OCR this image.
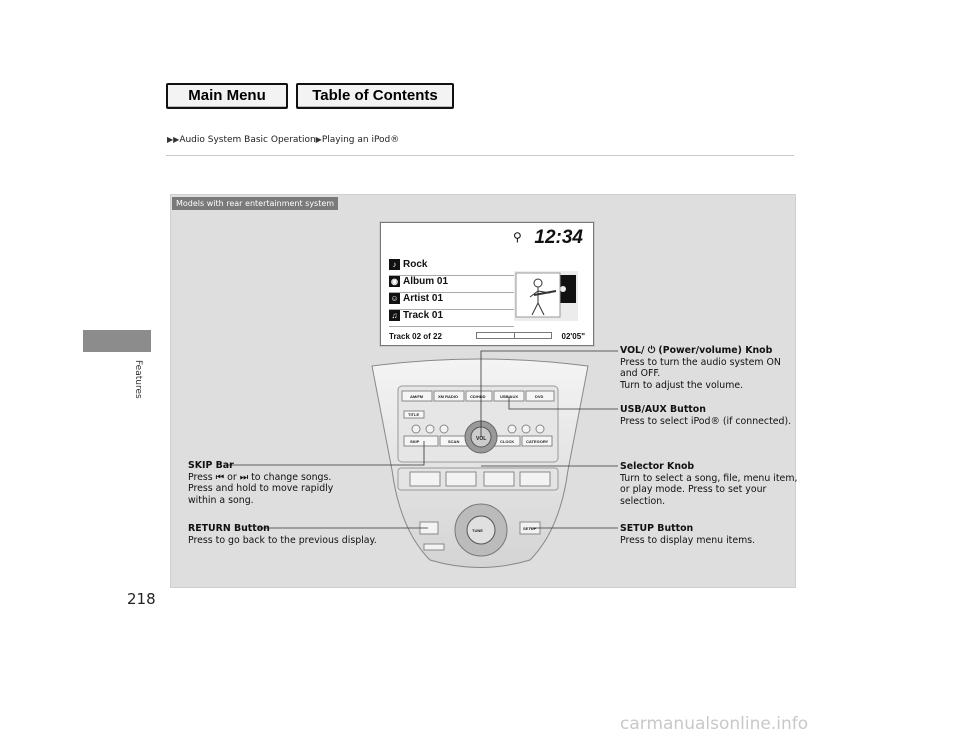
Main Menu	Table of Contents
▶▶Audio System Basic Operation▶Playing an iPod®
Features
218
Models with rear entertainment system
⚲ 12:34
♪ Rock
◉ Album 01
☺ Artist 01
♫ Track 01
Track 02 of 22	02'05"
AM/FM	XM RADIO	CD/HDD	USB/AUX	DVD
TITLE
SKIP	SCAN	CLOCK	CATEGORY
VOL
TUNE	SETUP
VOL/ ⏻ (Power/volume) Knob
Press to turn the audio system ON
and OFF.
Turn to adjust the volume.
USB/AUX Button
Press to select iPod® (if connected).
Selector Knob
Turn to select a song, file, menu item,
or play mode. Press to set your
selection.
SETUP Button
Press to display menu items.
SKIP Bar
Press ⏮ or ⏭ to change songs.
Press and hold to move rapidly
within a song.
RETURN Button
Press to go back to the previous display.
carmanualsonline.info
